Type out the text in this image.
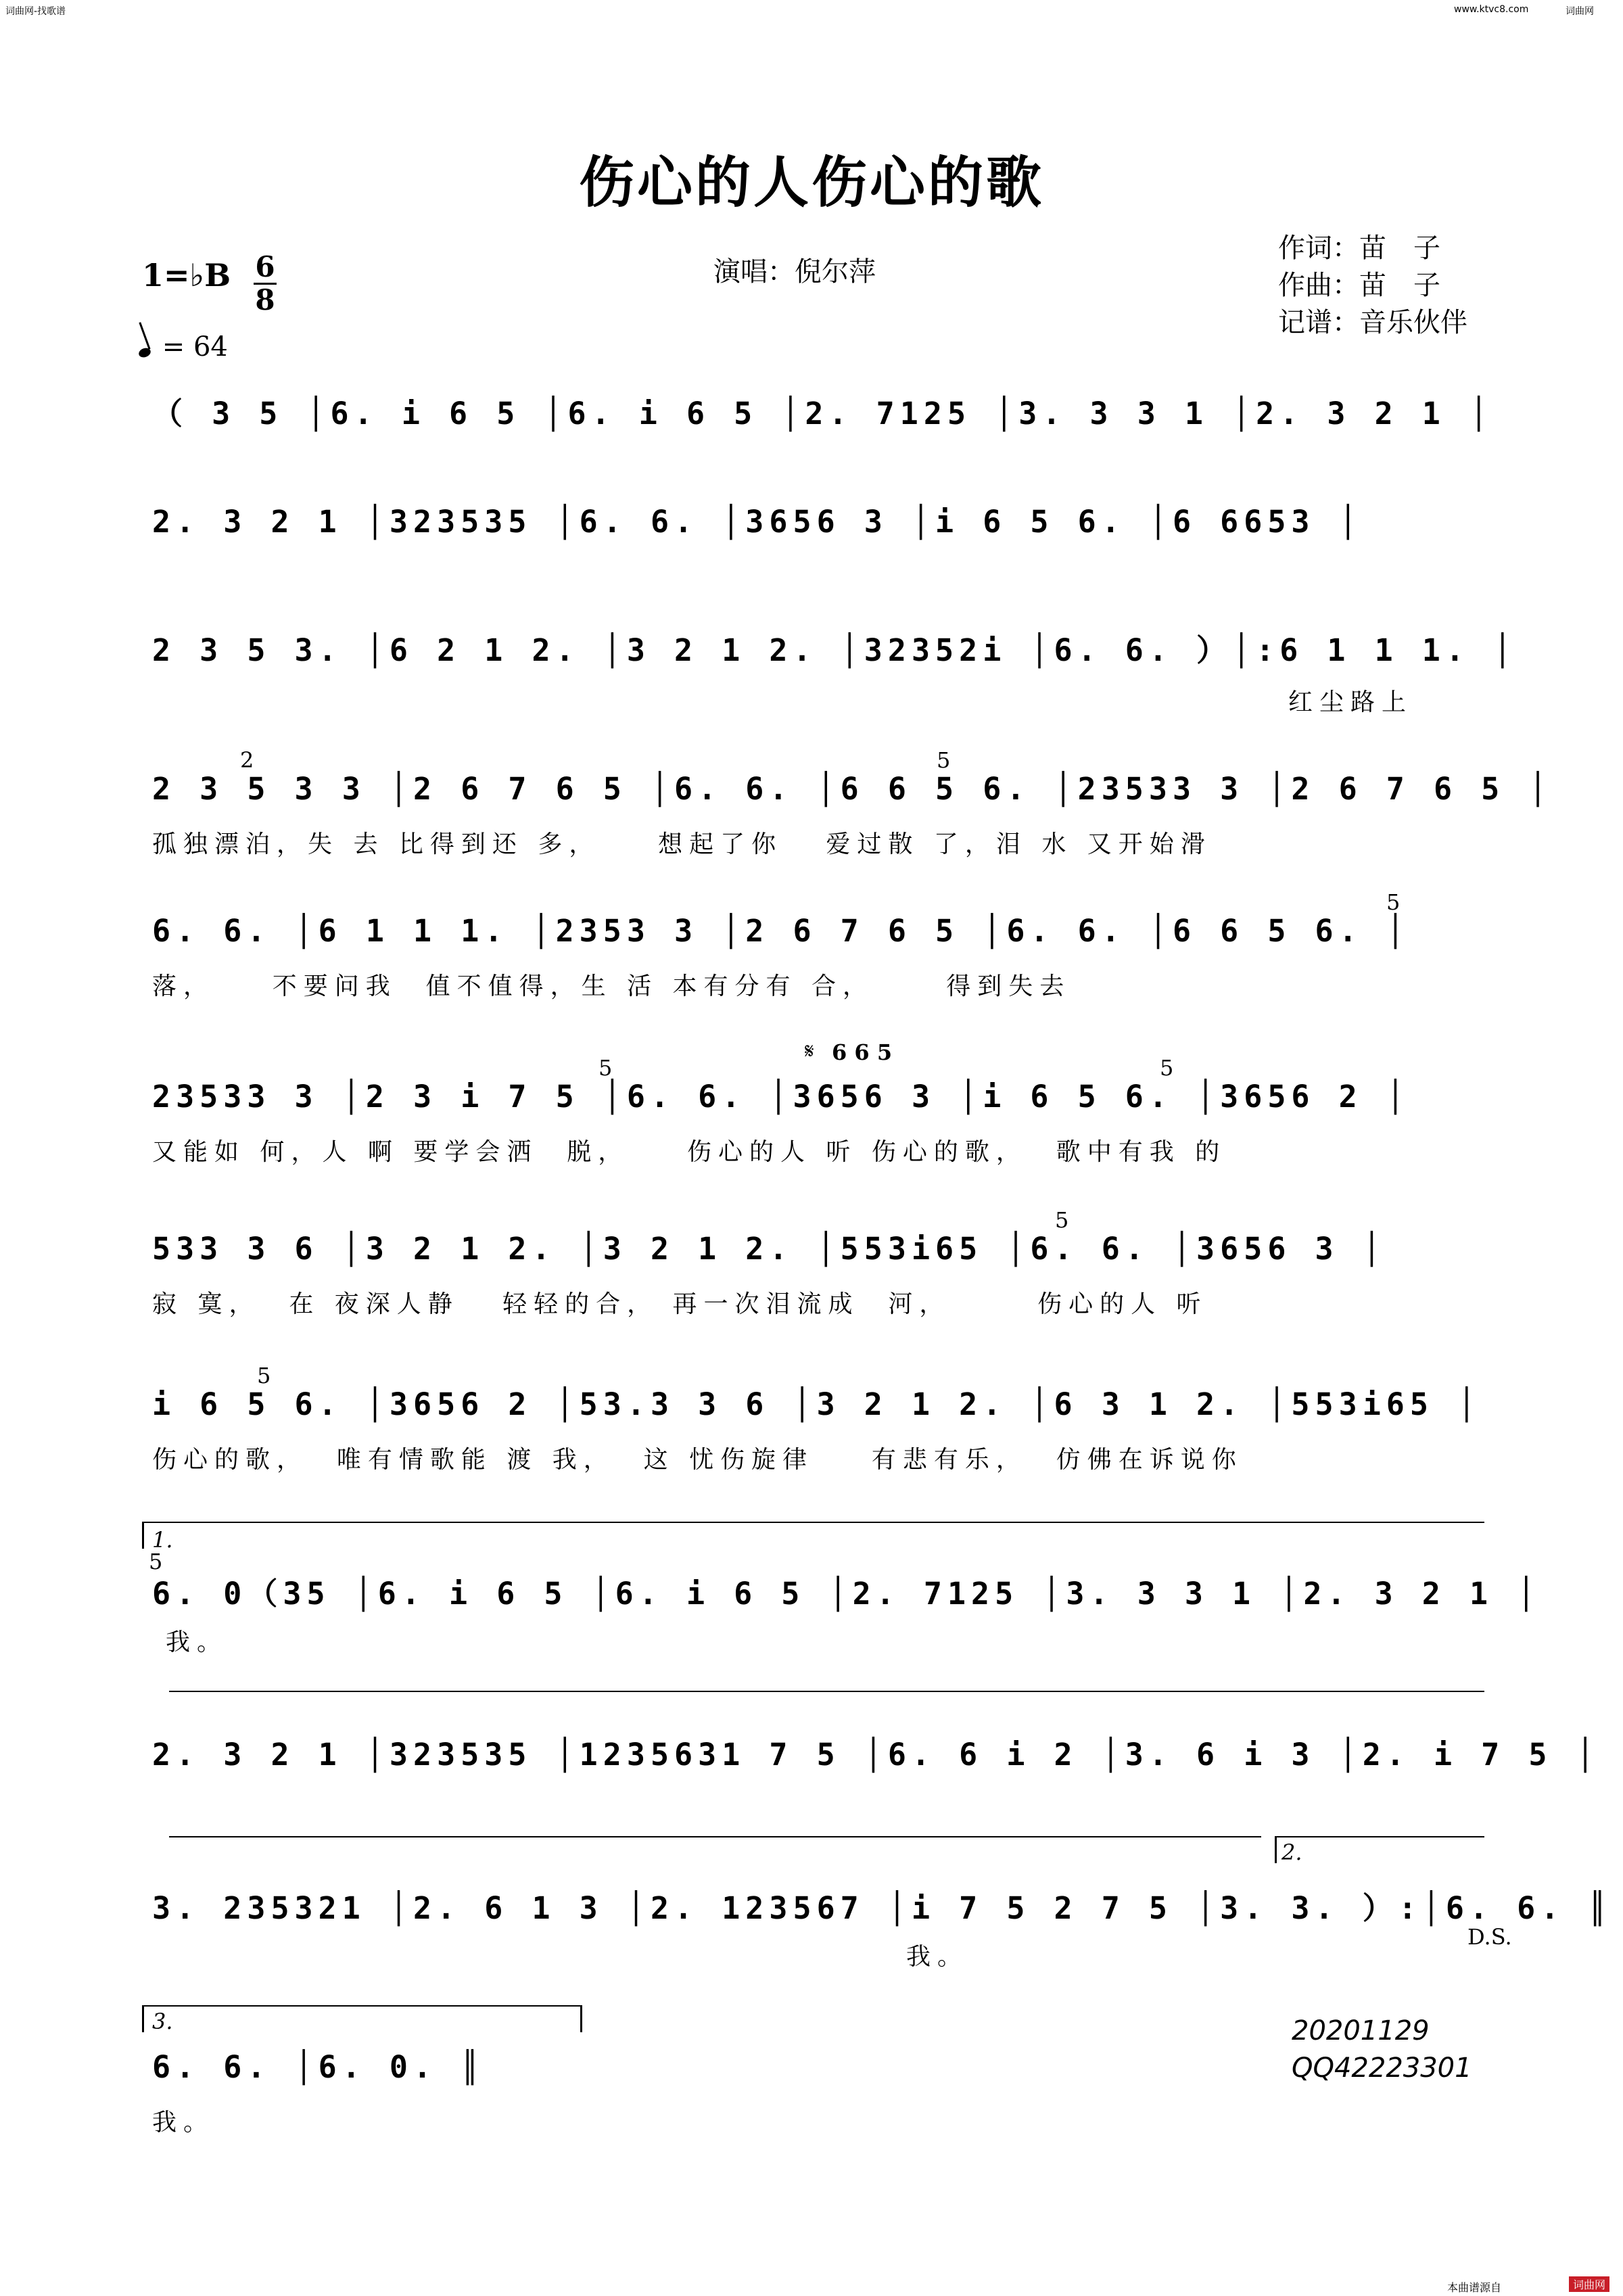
词曲网-找歌谱	www.ktvc8.com	词曲网
伤心的人伤心的歌
演唱：倪尔萍
作词：苗　子
作曲：苗　子
记谱：音乐伙伴
1=♭B 6
8
= 64
（ 3 5 │6. i 6 5 │6. i 6 5 │2. 7125 │3. 3 3 1 │2. 3 2 1 │
2. 3 2 1 │323535 │6. 6. │3656 3 │i 6 5 6. │6 6653 │
2 3 5 3. │6 2 1 2. │3 2 1 2. │32352i │6. 6. ）│:6 1 1 1. │
红尘路上
2	5
2 3 5 3 3 │2 6 7 6 5 │6. 6. │6 6 5 6. │23533 3 │2 6 7 6 5 │
孤独漂泊，失 去 比得到还 多，    想起了你   爱过散 了，泪 水 又开始滑
5
6. 6. │6 1 1 1. │2353 3 │2 6 7 6 5 │6. 6. │6 6 5 6. │
落，    不要问我  值不值得，生 活 本有分有 合，     得到失去
𝄋 6 6 5
5	5
23533 3 │2 3 i 7 5 │6. 6. │3656 3 │i 6 5 6. │3656 2 │
又能如 何，人 啊 要学会洒  脱，    伤心的人 听 伤心的歌，  歌中有我 的
5
533 3 6 │3 2 1 2. │3 2 1 2. │553i65 │6. 6. │3656 3 │
寂 寞，  在 夜深人静   轻轻的合， 再一次泪流成  河，      伤心的人 听
5
i 6 5 6. │3656 2 │53.3 3 6 │3 2 1 2. │6 3 1 2. │553i65 │
伤心的歌，  唯有情歌能 渡 我，  这 忧伤旋律    有悲有乐，  仿佛在诉说你
1.
5
6. 0（35 │6. i 6 5 │6. i 6 5 │2. 7125 │3. 3 3 1 │2. 3 2 1 │
我。
2. 3 2 1 │323535 │1235631 7 5 │6. 6 i 2 │3. 6 i 3 │2. i 7 5 │
2.
3. 235321 │2. 6 1 3 │2. 123567 │i 7 5 2 7 5 │3. 3. ）:│6. 6. ║
我。
D.S.
3.
6. 6. │6. 0. ║
我。
20201129
QQ42223301
本曲谱源自	词曲网
